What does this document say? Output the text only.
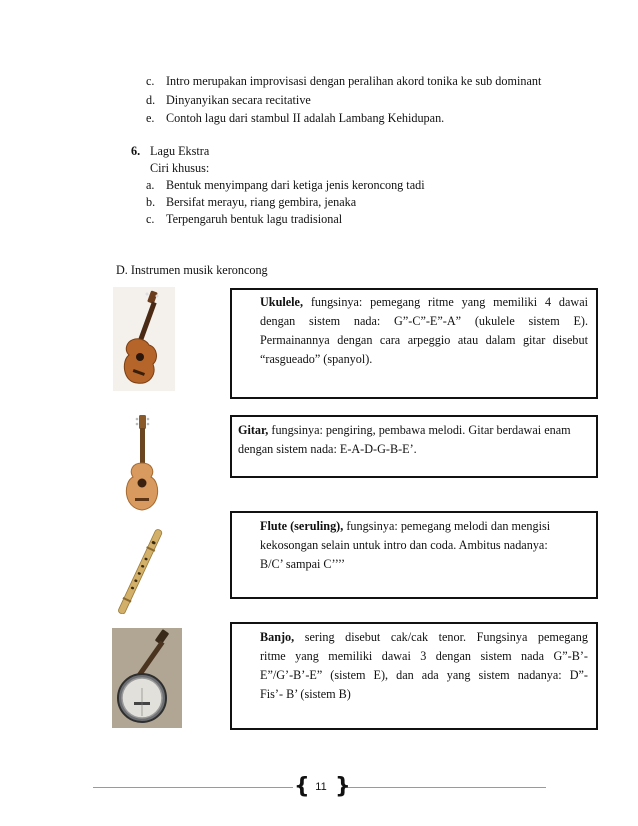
c. Intro merupakan improvisasi dengan peralihan akord tonika ke sub dominant
d. Dinyanyikan secara recitative
e. Contoh lagu dari stambul II adalah Lambang Kehidupan.
6. Lagu Ekstra
Ciri khusus:
a. Bentuk menyimpang dari ketiga jenis keroncong tadi
b. Bersifat merayu, riang gembira, jenaka
c. Terpengaruh bentuk lagu tradisional
D. Instrumen musik keroncong
Ukulele, fungsinya: pemegang ritme yang memiliki 4 dawai
dengan sistem nada: G”-C”-E”-A” (ukulele sistem E).
Permainannya dengan cara arpeggio atau dalam gitar disebut
“rasgueado” (spanyol).
Gitar, fungsinya: pengiring, pembawa melodi. Gitar berdawai enam
dengan sistem nada: E-A-D-G-B-E’.
Flute (seruling), fungsinya: pemegang melodi dan mengisi
kekosongan selain untuk intro dan coda. Ambitus nadanya:
B/C’ sampai C’’’’
Banjo, sering disebut cak/cak tenor. Fungsinya pemegang
ritme yang memiliki dawai 3 dengan sistem nada G”-B’-
E”/G’-B’-E” (sistem E), dan ada yang sistem nadanya: D”-
Fis’- B’ (sistem B)
{ }
11
